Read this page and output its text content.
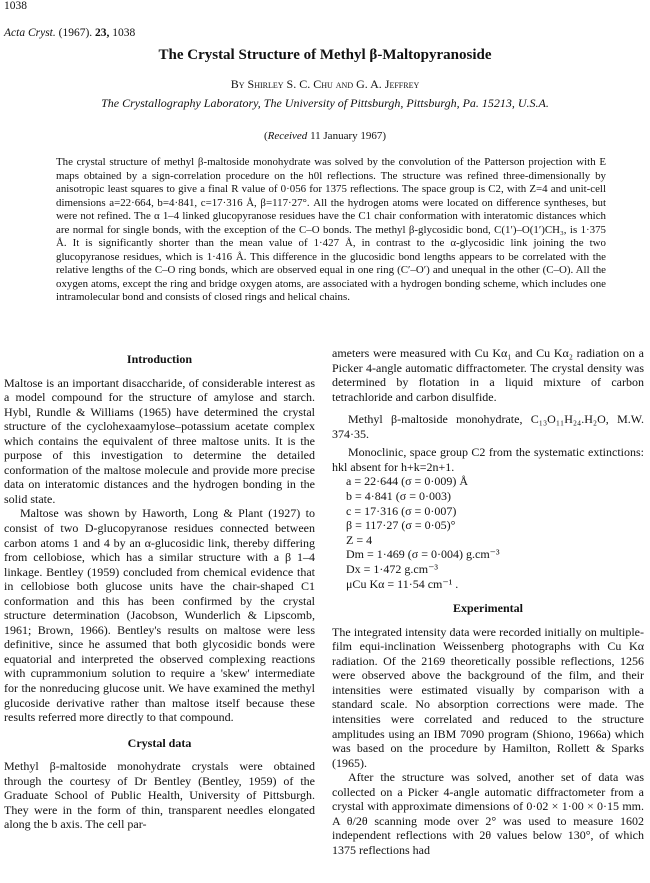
1038
Acta Cryst. (1967). 23, 1038
The Crystal Structure of Methyl β-Maltopyranoside
By Shirley S. C. Chu and G. A. Jeffrey
The Crystallography Laboratory, The University of Pittsburgh, Pittsburgh, Pa. 15213, U.S.A.
(Received 11 January 1967)
The crystal structure of methyl β-maltoside monohydrate was solved by the convolution of the Patterson projection with E maps obtained by a sign-correlation procedure on the h0l reflections. The structure was refined three-dimensionally by anisotropic least squares to give a final R value of 0·056 for 1375 reflections. The space group is C2, with Z=4 and unit-cell dimensions a=22·664, b=4·841, c=17·316 Å, β=117·27°. All the hydrogen atoms were located on difference syntheses, but were not refined. The α 1–4 linked glucopyranose residues have the C1 chair conformation with interatomic distances which are normal for single bonds, with the exception of the C–O bonds. The methyl β-glycosidic bond, C(1′)–O(1′)CH₃, is 1·375 Å. It is significantly shorter than the mean value of 1·427 Å, in contrast to the α-glycosidic link joining the two glucopyranose residues, which is 1·416 Å. This difference in the glucosidic bond lengths appears to be correlated with the relative lengths of the C–O ring bonds, which are observed equal in one ring (C′–O′) and unequal in the other (C–O). All the oxygen atoms, except the ring and bridge oxygen atoms, are associated with a hydrogen bonding scheme, which includes one intramolecular bond and consists of closed rings and helical chains.
Introduction
Maltose is an important disaccharide, of considerable interest as a model compound for the structure of amylose and starch. Hybl, Rundle & Williams (1965) have determined the crystal structure of the cyclohexaamylose–potassium acetate complex which contains the equivalent of three maltose units. It is the purpose of this investigation to determine the detailed conformation of the maltose molecule and provide more precise data on interatomic distances and the hydrogen bonding in the solid state.
Maltose was shown by Haworth, Long & Plant (1927) to consist of two D-glucopyranose residues connected between carbon atoms 1 and 4 by an α-glucosidic link, thereby differing from cellobiose, which has a similar structure with a β 1–4 linkage. Bentley (1959) concluded from chemical evidence that in cellobiose both glucose units have the chair-shaped C1 conformation and this has been confirmed by the crystal structure determination (Jacobson, Wunderlich & Lipscomb, 1961; Brown, 1966). Bentley's results on maltose were less definitive, since he assumed that both glycosidic bonds were equatorial and interpreted the observed complexing reactions with cuprammonium solution to require a 'skew' intermediate for the nonreducing glucose unit. We have examined the methyl glucoside derivative rather than maltose itself because these results referred more directly to that compound.
Crystal data
Methyl β-maltoside monohydrate crystals were obtained through the courtesy of Dr Bentley (Bentley, 1959) of the Graduate School of Public Health, University of Pittsburgh. They were in the form of thin, transparent needles elongated along the b axis. The cell par-
ameters were measured with Cu Kα₁ and Cu Kα₂ radiation on a Picker 4-angle automatic diffractometer. The crystal density was determined by flotation in a liquid mixture of carbon tetrachloride and carbon disulfide.
Methyl β-maltoside monohydrate, C₁₃O₁₁H₂₄.H₂O, M.W. 374·35.
Monoclinic, space group C2 from the systematic extinctions: hkl absent for h+k=2n+1.
a = 22·644 (σ = 0·009) Å
b = 4·841 (σ = 0·003)
c = 17·316 (σ = 0·007)
β = 117·27 (σ = 0·05)°
Z = 4
Dm = 1·469 (σ = 0·004) g.cm⁻³
Dx = 1·472 g.cm⁻³
μCu Kα = 11·54 cm⁻¹ .
Experimental
The integrated intensity data were recorded initially on multiple-film equi-inclination Weissenberg photographs with Cu Kα radiation. Of the 2169 theoretically possible reflections, 1256 were observed above the background of the film, and their intensities were estimated visually by comparison with a standard scale. No absorption corrections were made. The intensities were correlated and reduced to the structure amplitudes using an IBM 7090 program (Shiono, 1966a) which was based on the procedure by Hamilton, Rollett & Sparks (1965).
After the structure was solved, another set of data was collected on a Picker 4-angle automatic diffractometer from a crystal with approximate dimensions of 0·02 × 1·00 × 0·15 mm. A θ/2θ scanning mode over 2° was used to measure 1602 independent reflections with 2θ values below 130°, of which 1375 reflections had
